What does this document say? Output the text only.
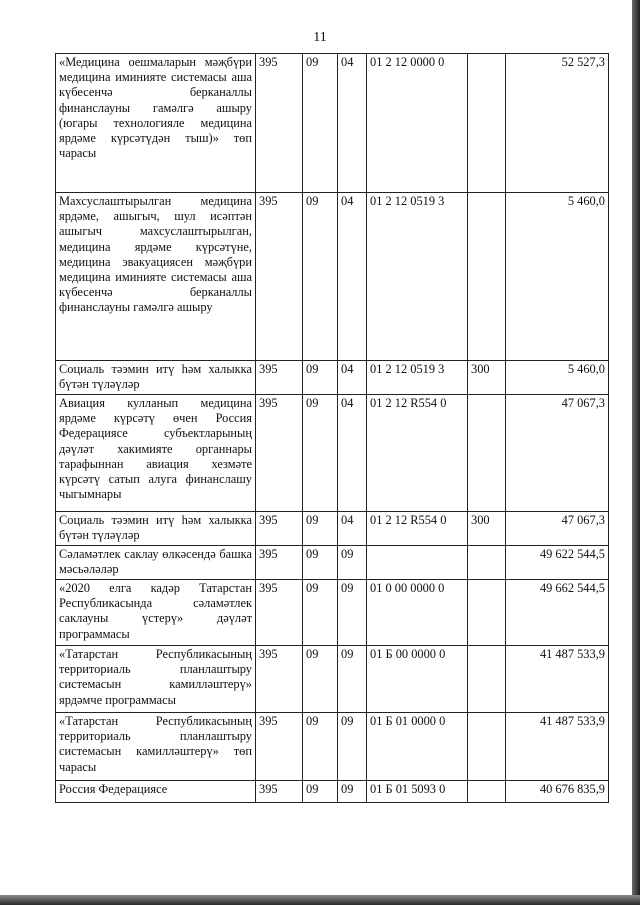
11
«Медицина оешмаларын мәҗбүри медицина иминияте системасы аша күбесенчә берканаллы финанслауны гамәлгә ашыру (югары технологияле медицина ярдәме күрсәтүдән тыш)» төп чарасы	395	09	04	01 2 12 0000 0		52 527,3
Махсуслаштырылган медицина ярдәме, ашыгыч, шул исәптән ашыгыч махсуслаштырылган, медицина ярдәме күрсәтүне, медицина эвакуациясен мәҗбүри медицина иминияте системасы аша күбесенчә берканаллы финанслауны гамәлгә ашыру	395	09	04	01 2 12 0519 3		5 460,0
Социаль тәэмин итү һәм халыкка бүтән түләүләр	395	09	04	01 2 12 0519 3	300	5 460,0
Авиация кулланып медицина ярдәме күрсәтү өчен Россия Федерациясе субъектларының дәүләт хакимияте органнары тарафыннан авиация хезмәте күрсәтү сатып алуга финанслашу чыгымнары	395	09	04	01 2 12 R554 0		47 067,3
Социаль тәэмин итү һәм халыкка бүтән түләүләр	395	09	04	01 2 12 R554 0	300	47 067,3
Сәламәтлек саклау өлкәсендә башка мәсьәләләр	395	09	09			49 622 544,5
«2020 елга кадәр Татарстан Республикасында сәламәтлек саклауны үстерү» дәүләт программасы	395	09	09	01 0 00 0000 0		49 662 544,5
«Татарстан Республикасының территориаль планлаштыру системасын камилләштерү» ярдәмче программасы	395	09	09	01 Б 00 0000 0		41 487 533,9
«Татарстан Республикасының территориаль планлаштыру системасын камилләштерү» төп чарасы	395	09	09	01 Б 01 0000 0		41 487 533,9
Россия Федерациясе	395	09	09	01 Б 01 5093 0		40 676 835,9
